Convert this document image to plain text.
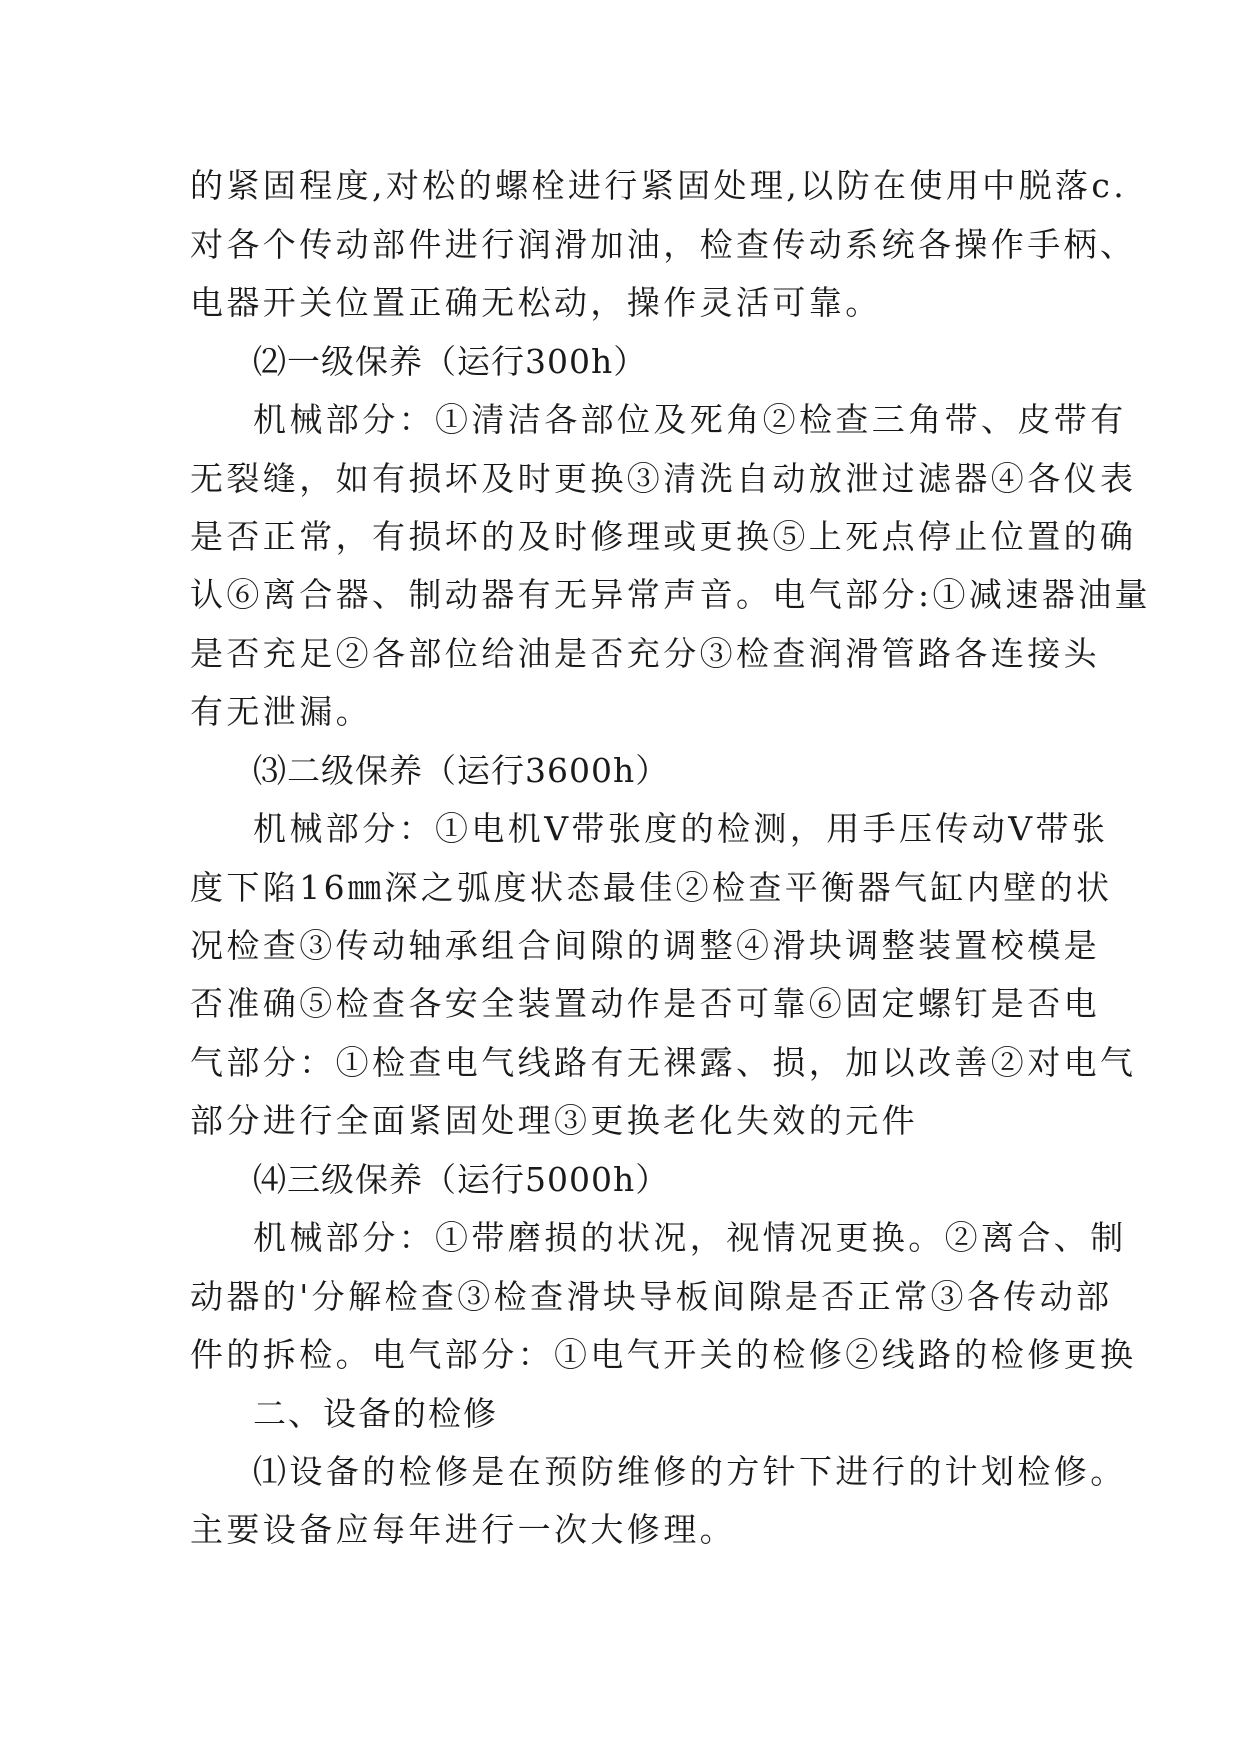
的紧固程度,对松的螺栓进行紧固处理,以防在使用中脱落c.
对各个传动部件进行润滑加油，检查传动系统各操作手柄、
电器开关位置正确无松动，操作灵活可靠。
⑵一级保养（运行300h）
机械部分：①清洁各部位及死角②检查三角带、皮带有
无裂缝，如有损坏及时更换③清洗自动放泄过滤器④各仪表
是否正常，有损坏的及时修理或更换⑤上死点停止位置的确
认⑥离合器、制动器有无异常声音。电气部分:①减速器油量
是否充足②各部位给油是否充分③检查润滑管路各连接头
有无泄漏。
⑶二级保养（运行3600h）
机械部分：①电机V带张度的检测，用手压传动V带张
度下陷16㎜深之弧度状态最佳②检查平衡器气缸内壁的状
况检查③传动轴承组合间隙的调整④滑块调整装置校模是
否准确⑤检查各安全装置动作是否可靠⑥固定螺钉是否电
气部分：①检查电气线路有无裸露、损，加以改善②对电气
部分进行全面紧固处理③更换老化失效的元件
⑷三级保养（运行5000h）
机械部分：①带磨损的状况，视情况更换。②离合、制
动器的'分解检查③检查滑块导板间隙是否正常③各传动部
件的拆检。电气部分：①电气开关的检修②线路的检修更换
二、设备的检修
⑴设备的检修是在预防维修的方针下进行的计划检修。
主要设备应每年进行一次大修理。
